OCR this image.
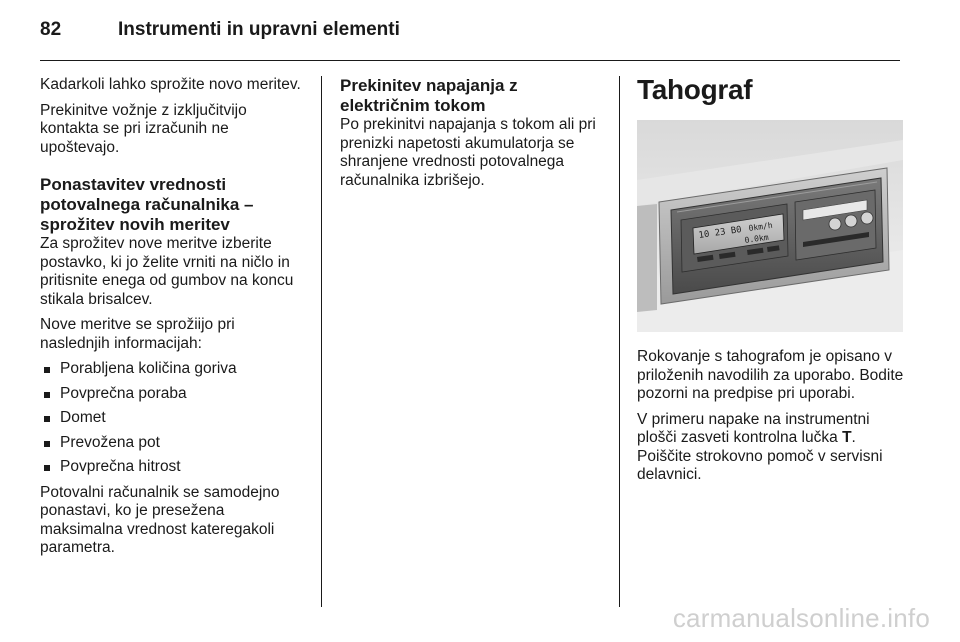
82	Instrumenti in upravni elementi

Kadarkoli lahko sprožite novo meritev.

Prekinitve vožnje z izključitvijo kontakta se pri izračunih ne upoštevajo.

Ponastavitev vrednosti potovalnega računalnika – sprožitev novih meritev

Za sprožitev nove meritve izberite postavko, ki jo želite vrniti na ničlo in pritisnite enega od gumbov na koncu stikala brisalcev.

Nove meritve se sprožiijo pri naslednjih informacijah:

Porabljena količina goriva
Povprečna poraba
Domet
Prevožena pot
Povprečna hitrost

Potovalni računalnik se samodejno ponastavi, ko je presežena maksimalna vrednost kateregakoli parametra.

Prekinitev napajanja z električnim tokom

Po prekinitvi napajanja s tokom ali pri prenizki napetosti akumulatorja se shranjene vrednosti potovalnega računalnika izbrišejo.

Tahograf
10 23 B0 0km/h
0.0km

Rokovanje s tahografom je opisano v priloženih navodilih za uporabo. Bodite pozorni na predpise pri uporabi.

V primeru napake na instrumentni plošči zasveti kontrolna lučka T.
Poiščite strokovno pomoč v servisni delavnici.

carmanualsonline.info
